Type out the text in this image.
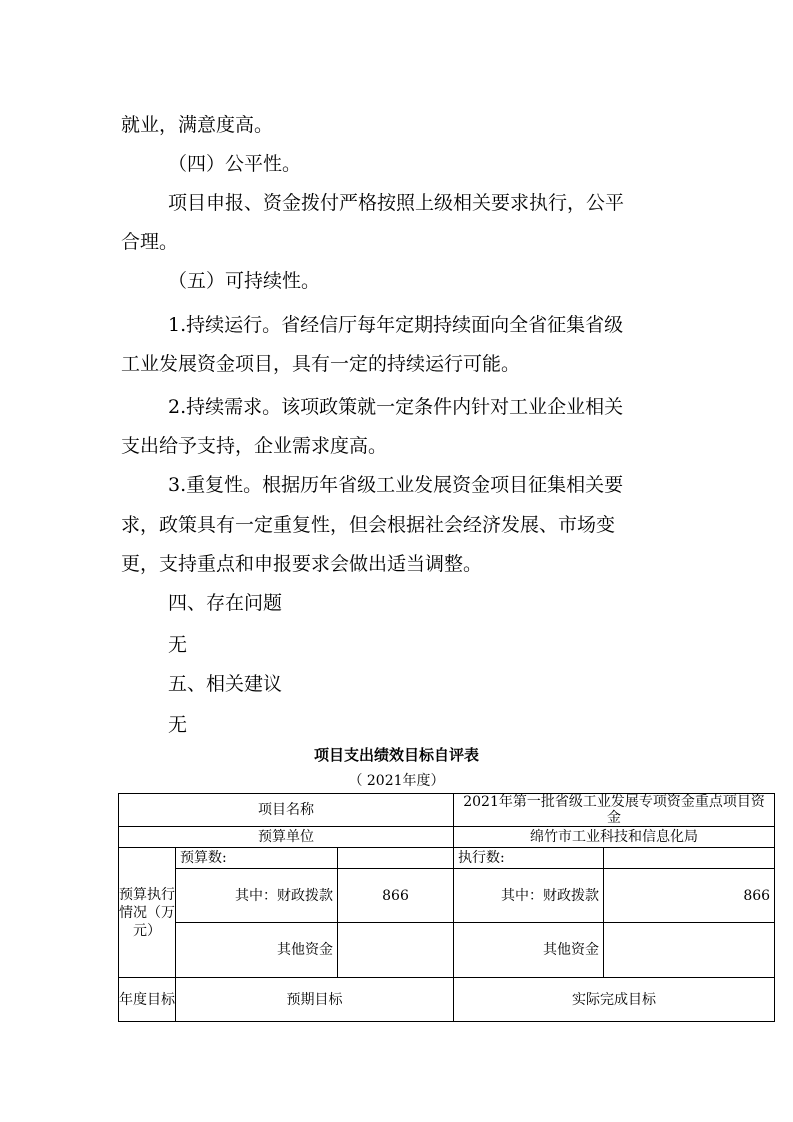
就业，满意度高。

（四）公平性。

项目申报、资金拨付严格按照上级相关要求执行，公平

合理。

（五）可持续性。

1.持续运行。省经信厅每年定期持续面向全省征集省级

工业发展资金项目，具有一定的持续运行可能。

2.持续需求。该项政策就一定条件内针对工业企业相关

支出给予支持，企业需求度高。

3.重复性。根据历年省级工业发展资金项目征集相关要

求，政策具有一定重复性，但会根据社会经济发展、市场变

更，支持重点和申报要求会做出适当调整。

四、存在问题

无

五、相关建议

无

项目支出绩效目标自评表
（ 2021年度）
项目名称			2021年第一批省级工业发展专项资金重点项目资金	
预算单位			绵竹市工业科技和信息化局	
预算执行情况（万元）	预算数:		执行数:	
	其中：财政拨款	866	其中：财政拨款	866
	其他资金		其他资金	
年度目标	预期目标		实际完成目标	
